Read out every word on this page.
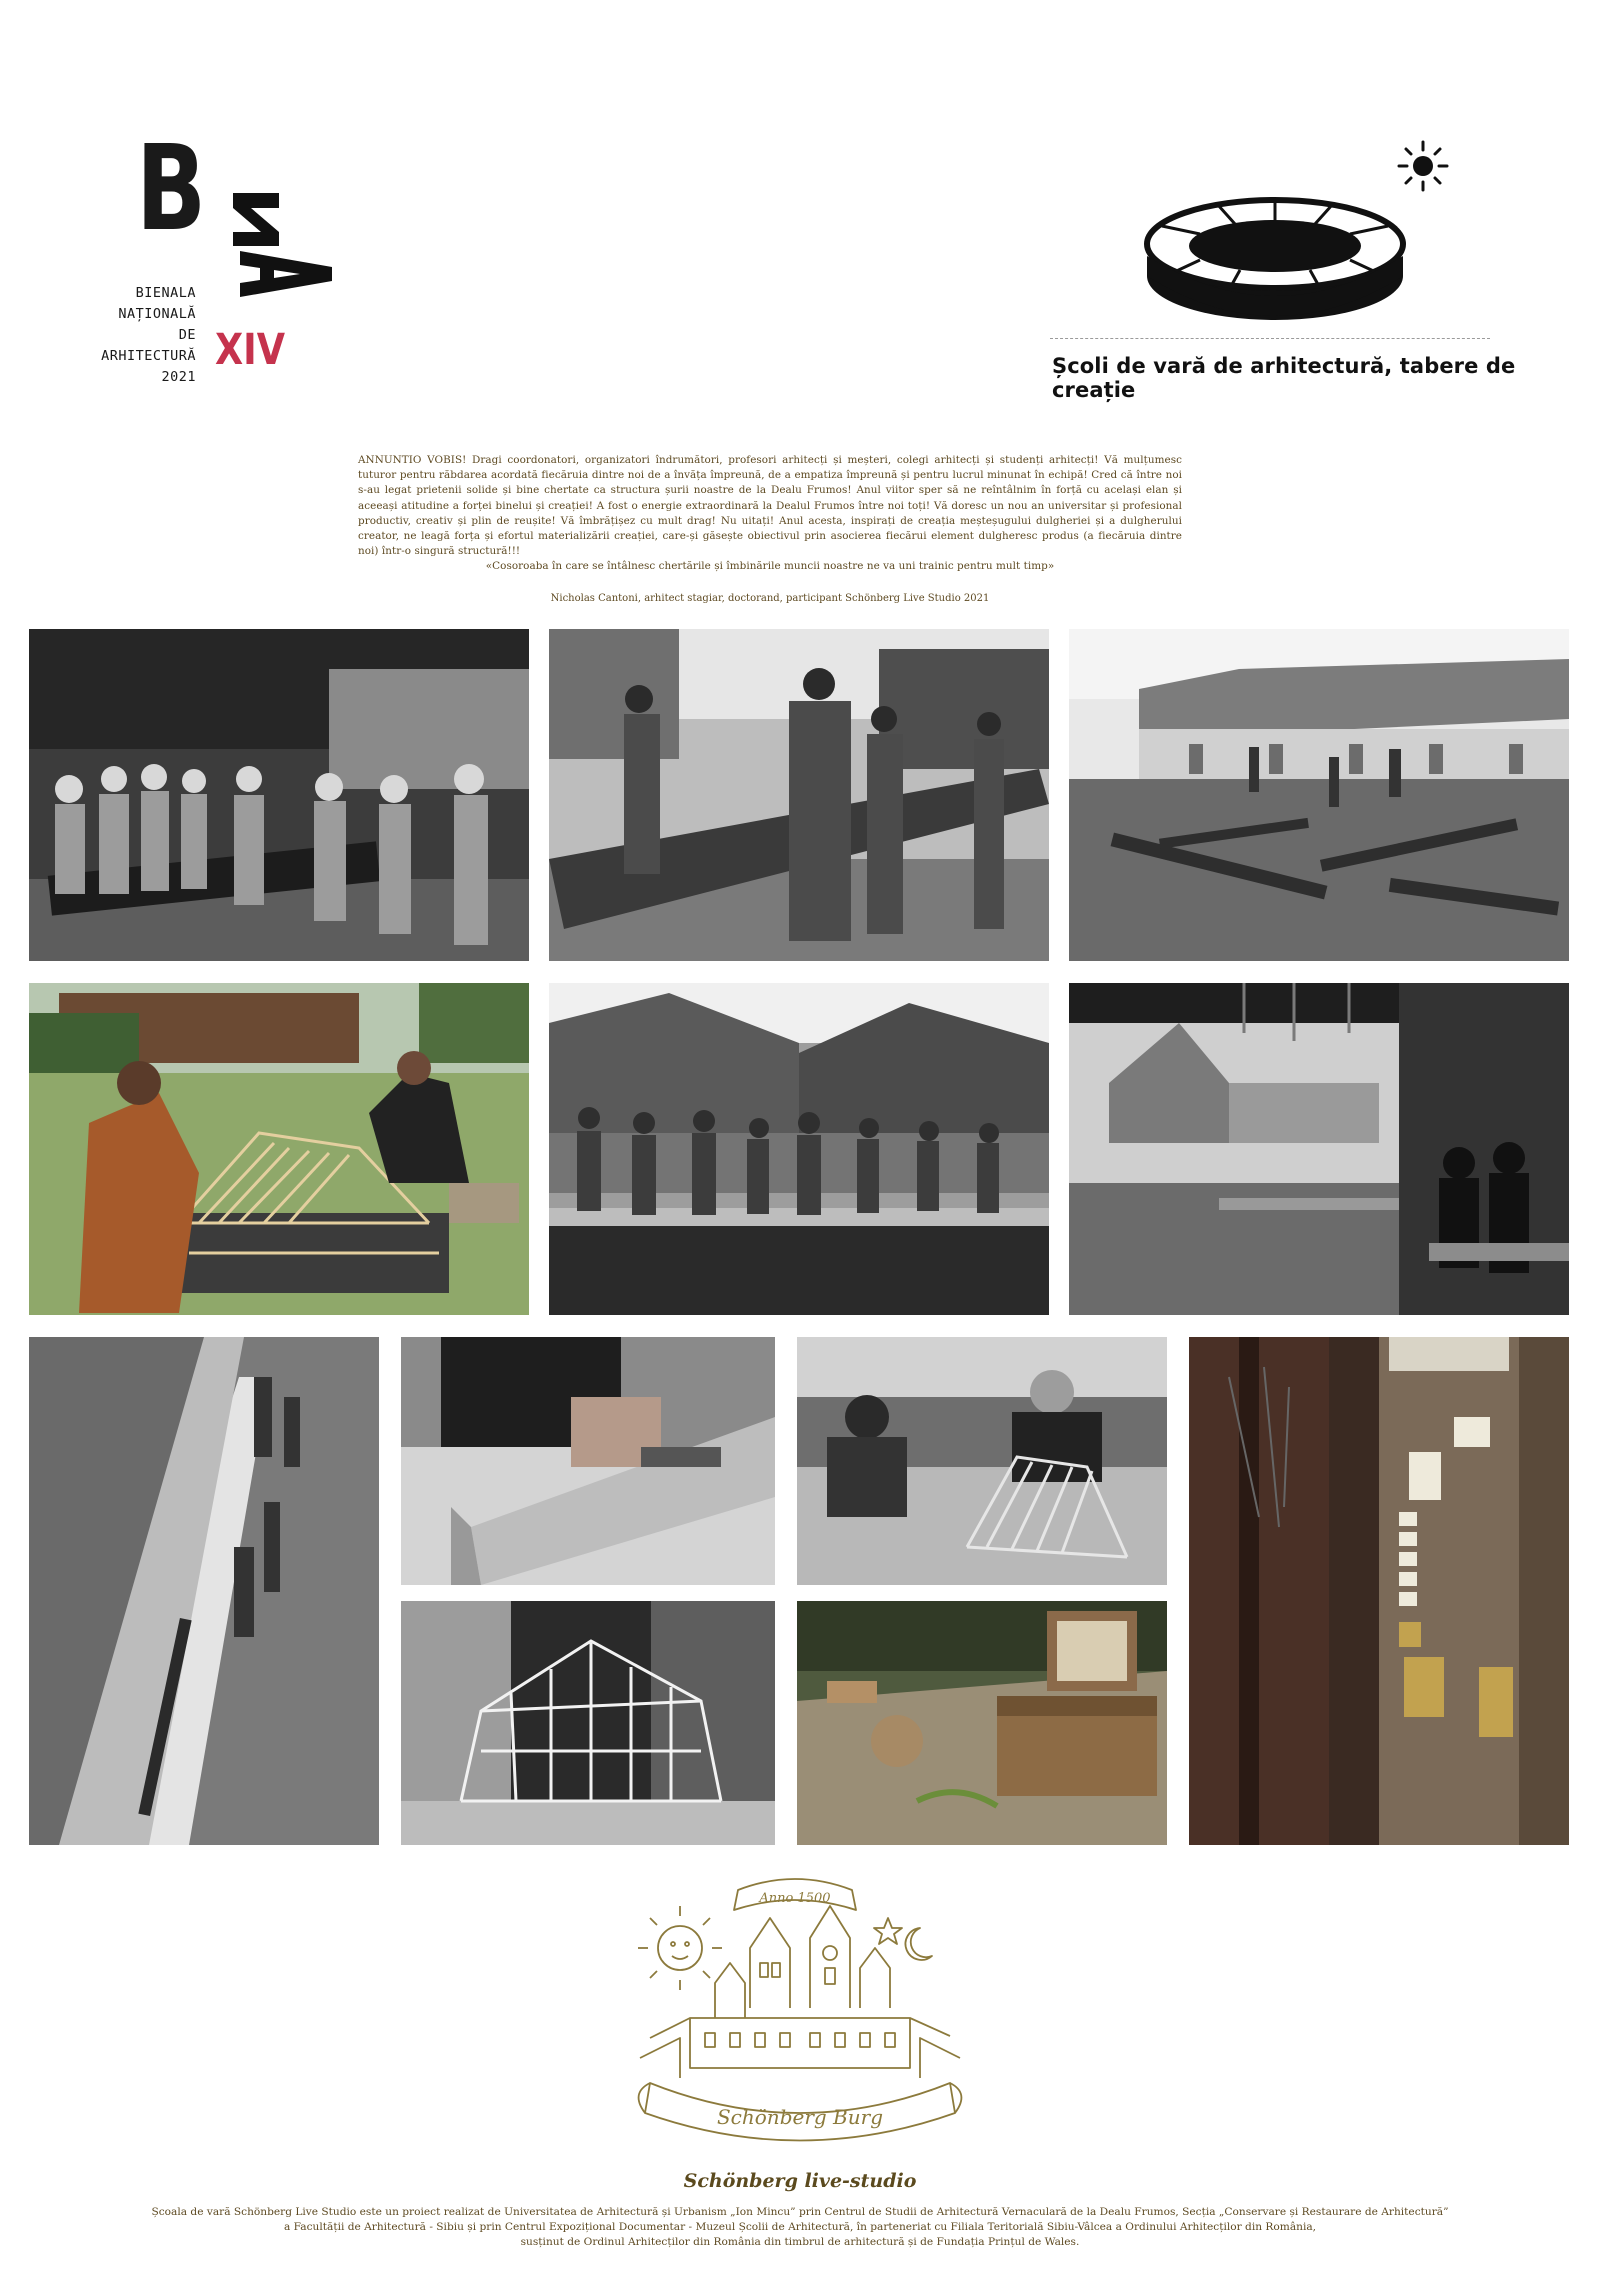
B
BIENALA
NAȚIONALĂ
DE
ARHITECTURĂ
2021
XIV	Școli de vară de arhitectură, tabere de creație
ANNUNTIO VOBIS! Dragi coordonatori, organizatori îndrumători, profesori arhitecți și meșteri, colegi arhitecți și studenți arhitecți! Vă mulțumesc tuturor pentru răbdarea acordată fiecăruia dintre noi de a învăța împreună, de a empatiza împreună și pentru lucrul minunat în echipă! Cred că între noi s-au legat prietenii solide și bine chertate ca structura șurii noastre de la Dealu Frumos! Anul viitor sper să ne reîntâlnim în forță cu același elan și aceeași atitudine a forței binelui și creației! A fost o energie extraordinară la Dealul Frumos între noi toți! Vă doresc un nou an universitar și profesional productiv, creativ și plin de reușite! Vă îmbrățișez cu mult drag! Nu uitați! Anul acesta, inspirați de creația meșteșugului dulgheriei și a dulgherului creator, ne leagă forța și efortul materializării creației, care-și găsește obiectivul prin asocierea fiecărui element dulgheresc produs (a fiecăruia dintre noi) într-o singură structură!!!
«Cosoroaba în care se întâlnesc chertările și îmbinările muncii noastre ne va uni trainic pentru mult timp»
Nicholas Cantoni, arhitect stagiar, doctorand, participant Schönberg Live Studio 2021
Anno 1500
Schönberg Burg
Schönberg live-studio
Școala de vară Schönberg Live Studio este un proiect realizat de Universitatea de Arhitectură și Urbanism „Ion Mincu” prin Centrul de Studii de Arhitectură Vernaculară de la Dealu Frumos, Secția „Conservare și Restaurare de Arhitectură”
a Facultății de Arhitectură - Sibiu și prin Centrul Expozițional Documentar - Muzeul Școlii de Arhitectură, în parteneriat cu Filiala Teritorială Sibiu-Vâlcea a Ordinului Arhitecților din România,
susținut de Ordinul Arhitecților din România din timbrul de arhitectură și de Fundația Prințul de Wales.
